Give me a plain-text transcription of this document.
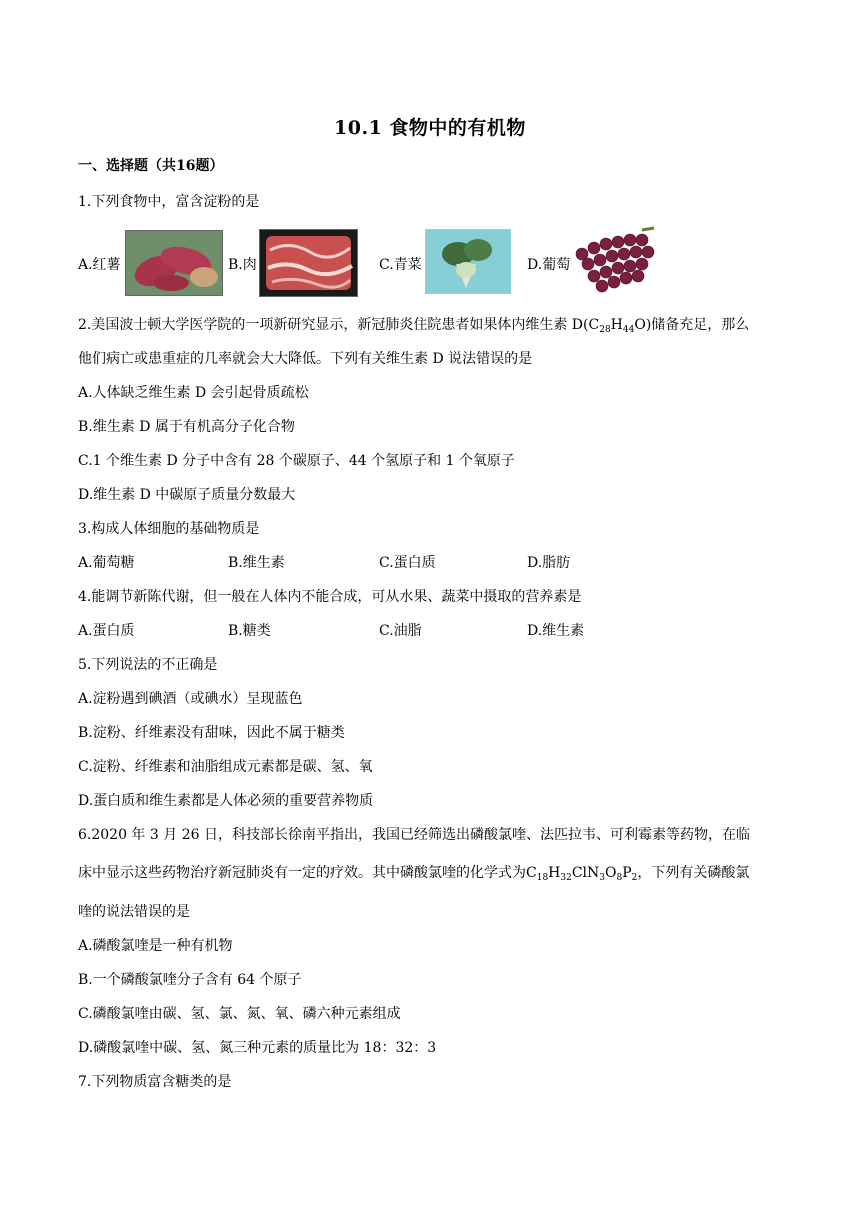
10.1 食物中的有机物
一、选择题（共16题）
1.下列食物中，富含淀粉的是
A.红薯	B.肉	C.青菜	D.葡萄
2.美国波士顿大学医学院的一项新研究显示，新冠肺炎住院患者如果体内维生素 $D(C_{28}H_{44}O)$储备充足，那么
他们病亡或患重症的几率就会大大降低。下列有关维生素 D 说法错误的是
A.人体缺乏维生素 D 会引起骨质疏松
B.维生素 D 属于有机高分子化合物
C.1 个维生素 D 分子中含有 28 个碳原子、44 个氢原子和 1 个氧原子
D.维生素 D 中碳原子质量分数最大
3.构成人体细胞的基础物质是
A.葡萄糖	B.维生素	C.蛋白质	D.脂肪
4.能调节新陈代谢，但一般在人体内不能合成，可从水果、蔬菜中摄取的营养素是
A.蛋白质	B.糖类	C.油脂	D.维生素
5.下列说法的不正确是
A.淀粉遇到碘酒（或碘水）呈现蓝色
B.淀粉、纤维素没有甜味，因此不属于糖类
C.淀粉、纤维素和油脂组成元素都是碳、氢、氧
D.蛋白质和维生素都是人体必须的重要营养物质
6.2020 年 3 月 26 日，科技部长徐南平指出，我国已经筛选出磷酸氯喹、法匹拉韦、可利霉素等药物，在临
床中显示这些药物治疗新冠肺炎有一定的疗效。其中磷酸氯喹的化学式为$C_{18}H_{32}ClN_3O_8P_2$，下列有关磷酸氯
喹的说法错误的是
A.磷酸氯喹是一种有机物
B.一个磷酸氯喹分子含有 64 个原子
C.磷酸氯喹由碳、氢、氯、氮、氧、磷六种元素组成
D.磷酸氯喹中碳、氢、氮三种元素的质量比为 18：32：3
7.下列物质富含糖类的是
